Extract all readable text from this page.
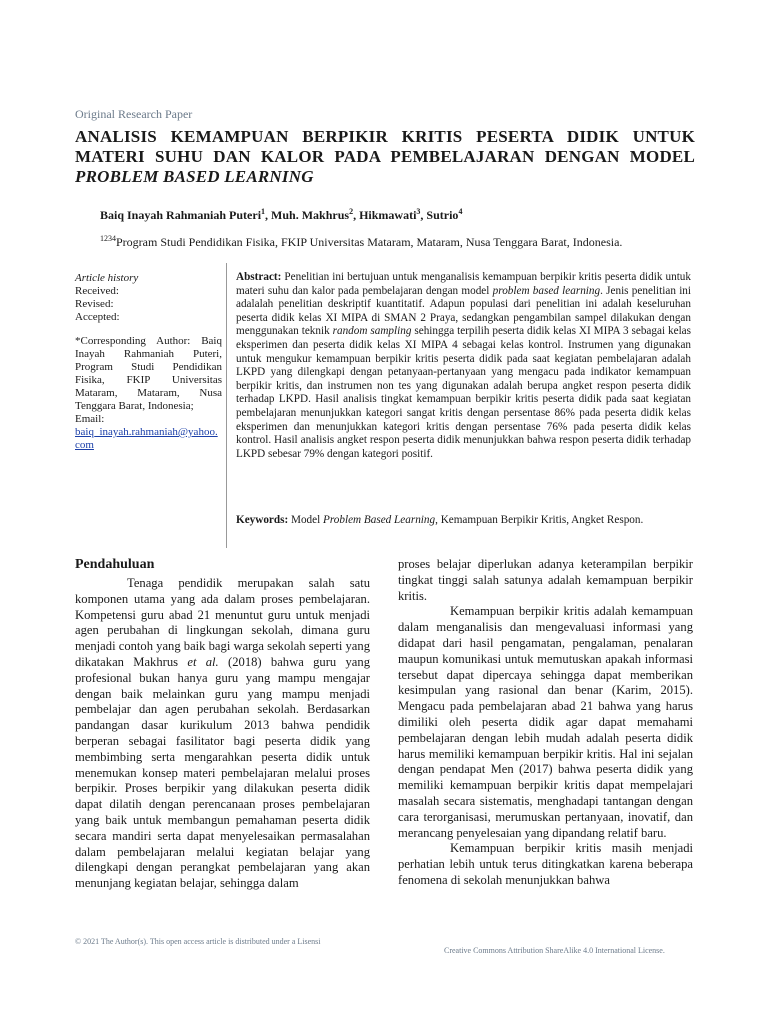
Original Research Paper
ANALISIS KEMAMPUAN BERPIKIR KRITIS PESERTA DIDIK UNTUK
MATERI SUHU DAN KALOR PADA PEMBELAJARAN DENGAN MODEL
PROBLEM BASED LEARNING
Baiq Inayah Rahmaniah Puteri$^1$, Muh. Makhrus$^2$, Hikmawati$^3$, Sutrio$^4$
$^{1234}$Program Studi Pendidikan Fisika, FKIP Universitas Mataram, Mataram, Nusa Tenggara Barat, Indonesia.
Article history
Received:
Revised:
Accepted:
*Corresponding Author: Baiq Inayah Rahmaniah Puteri, Program Studi Pendidikan Fisika, FKIP Universitas Mataram, Mataram, Nusa Tenggara Barat, Indonesia;
Email:
baiq_inayah.rahmaniah@yahoo.com
Abstract: Penelitian ini bertujuan untuk menganalisis kemampuan berpikir kritis peserta didik untuk materi suhu dan kalor pada pembelajaran dengan model problem based learning. Jenis penelitian ini adalalah penelitian deskriptif kuantitatif. Adapun populasi dari penelitian ini adalah keseluruhan peserta didik kelas XI MIPA di SMAN 2 Praya, sedangkan pengambilan sampel dilakukan dengan menggunakan teknik random sampling sehingga terpilih peserta didik kelas XI MIPA 3 sebagai kelas eksperimen dan peserta didik kelas XI MIPA 4 sebagai kelas kontrol. Instrumen yang digunakan untuk mengukur kemampuan berpikir kritis peserta didik pada saat kegiatan pembelajaran adalah LKPD yang dilengkapi dengan petanyaan-pertanyaan yang mengacu pada indikator kemampuan berpikir kritis, dan instrumen non tes yang digunakan adalah berupa angket respon peserta didik terhadap LKPD. Hasil analisis tingkat kemampuan berpikir kritis peserta didik pada saat kegiatan pembelajaran menunjukkan kategori sangat kritis dengan persentase 86% pada peserta didik kelas eksperimen dan menunjukkan kategori kritis dengan persentase 76% pada peserta didik kelas kontrol. Hasil analisis angket respon peserta didik menunjukkan bahwa respon peserta didik terhadap LKPD sebesar 79% dengan kategori positif.
Keywords: Model Problem Based Learning, Kemampuan Berpikir Kritis, Angket Respon.
Pendahuluan

Tenaga pendidik merupakan salah satu komponen utama yang ada dalam proses pembelajaran. Kompetensi guru abad 21 menuntut guru untuk menjadi agen perubahan di lingkungan sekolah, dimana guru menjadi contoh yang baik bagi warga sekolah seperti yang dikatakan Makhrus et al. (2018) bahwa guru yang profesional bukan hanya guru yang mampu mengajar dengan baik melainkan guru yang mampu menjadi pembelajar dan agen perubahan sekolah. Berdasarkan pandangan dasar kurikulum 2013 bahwa pendidik berperan sebagai fasilitator bagi peserta didik yang membimbing serta mengarahkan peserta didik untuk menemukan konsep materi pembelajaran melalui proses berpikir. Proses berpikir yang dilakukan peserta didik dapat dilatih dengan perencanaan proses pembelajaran yang baik untuk membangun pemahaman peserta didik secara mandiri serta dapat menyelesaikan permasalahan dalam pembelajaran melalui kegiatan belajar yang dilengkapi dengan perangkat pembelajaran yang akan menunjang kegiatan belajar, sehingga dalam

proses belajar diperlukan adanya keterampilan berpikir tingkat tinggi salah satunya adalah kemampuan berpikir kritis.

Kemampuan berpikir kritis adalah kemampuan dalam menganalisis dan mengevaluasi informasi yang didapat dari hasil pengamatan, pengalaman, penalaran maupun komunikasi untuk memutuskan apakah informasi tersebut dapat dipercaya sehingga dapat memberikan kesimpulan yang rasional dan benar (Karim, 2015). Mengacu pada pembelajaran abad 21 bahwa yang harus dimiliki oleh peserta didik agar dapat memahami pembelajaran dengan lebih mudah adalah peserta didik harus memiliki kemampuan berpikir kritis. Hal ini sejalan dengan pendapat Men (2017) bahwa peserta didik yang memiliki kemampuan berpikir kritis dapat mempelajari masalah secara sistematis, menghadapi tantangan dengan cara terorganisasi, merumuskan pertanyaan, inovatif, dan merancang penyelesaian yang dipandang relatif baru.

Kemampuan berpikir kritis masih menjadi perhatian lebih untuk terus ditingkatkan karena beberapa fenomena di sekolah menunjukkan bahwa

© 2021 The Author(s). This open access article is distributed under a Lisensi
Creative Commons Attribution ShareAlike 4.0 International License.
